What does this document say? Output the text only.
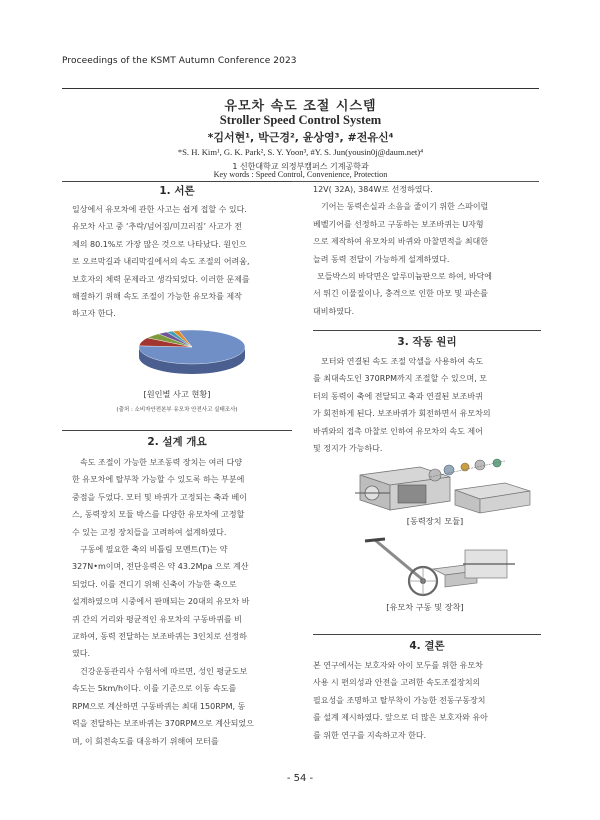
Proceedings of the KSMT Autumn Conference 2023
유모차 속도 조절 시스템
Stroller Speed Control System
*김서현¹, 박근경², 윤상영³, #전유신⁴
*S. H. Kim¹, G. K. Park², S. Y. Yoon³, #Y. S. Jun(yousin0j@daum.net)⁴
1 신한대학교 의정부캠퍼스 기계공학과
Key words : Speed Control, Convenience, Protection
1. 서론

일상에서 유모차에 관한 사고는 쉽게 접할 수 있다.

유모차 사고 중 ‘추락/넘어짐/미끄러짐’ 사고가 전

체의 80.1%로 가장 많은 것으로 나타났다. 원인으

로 오르막길과 내리막길에서의 속도 조절의 어려움,

보호자의 체력 문제라고 생각되었다. 이러한 문제를

해결하기 위해 속도 조절이 가능한 유모차를 제작

하고자 한다.

[원인별 사고 현황]
(출처 : 소비자안전본부 유모차 안전사고 실태조사)
2. 설계 개요

속도 조절이 가능한 보조동력 장치는 여러 다양

한 유모차에 탈부착 가능할 수 있도록 하는 부분에

중점을 두었다. 모터 및 바퀴가 고정되는 축과 베이

스, 동력장치 모듈 박스를 다양한 유모차에 고정할

수 있는 고정 장치들을 고려하여 설계하였다.

구동에 필요한 축의 비틀림 모멘트(T)는 약

327N•m이며, 전단응력은 약 43.2Mpa 으로 계산

되었다. 이를 견디기 위해 신축이 가능한 축으로

설계하였으며 시중에서 판매되는 20대의 유모차 바

퀴 간의 거리와 평균적인 유모차의 구동바퀴를 비

교하여, 동력 전달하는 보조바퀴는 3인치로 선정하

였다.

건강운동관리사 수험서에 따르면, 성인 평균도보

속도는 5km/h이다. 이를 기준으로 이동 속도를

RPM으로 계산하면 구동바퀴는 최대 150RPM, 동

력을 전달하는 보조바퀴는 370RPM으로 계산되었으

며, 이 회전속도를 대응하기 위해여 모터를

12V( 32A), 384W로 선정하였다.

기어는 동력손실과 소음을 줄이기 위한 스파이럴

베벨기어를 선정하고 구동하는 보조바퀴는 U자형

으로 제작하여 유모차의 바퀴와 마찰면적을 최대한

늘려 동력 전달이 가능하게 설계하였다.

모들박스의 바닥면은 알루미늄판으로 하여, 바닥에

서 튀긴 이물질이나, 충격으로 인한 마모 및 파손를

대비하였다.

3. 작동 원리

모터와 연결된 속도 조절 악셀을 사용하여 속도

를 최대속도인 370RPM까지 조절할 수 있으며, 모

터의 동력이 축에 전달되고 축과 연결된 보조바퀴

가 회전하게 된다. 보조바퀴가 회전하면서 유모차의

바퀴와의 접촉 마찰로 인하여 유모차의 속도 제어

및 정지가 가능하다.

[동력장치 모듈]
[유모차 구동 및 장착]
4. 결론

본 연구에서는 보호자와 아이 모두를 위한 유모차

사용 시 편의성과 안전을 고려한 속도조절장치의

필요성을 조명하고 탈부착이 가능한 전동구동장치

를 설계 제시하였다. 앞으로 더 많은 보호자와 유아

를 위한 연구를 지속하고자 한다.

- 54 -
